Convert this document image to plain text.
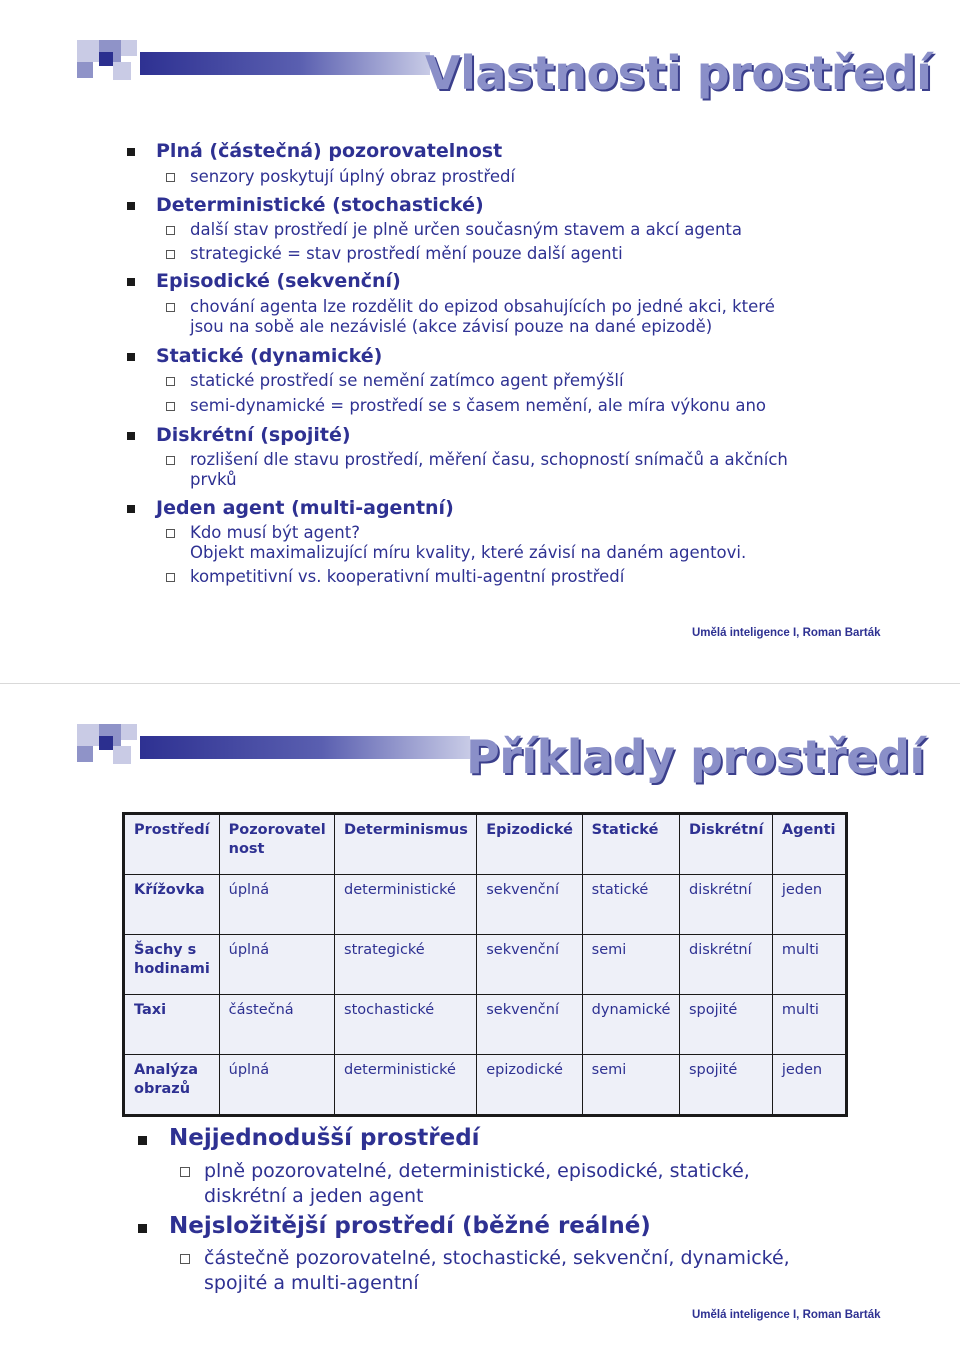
Vlastnosti prostředí
Plná (částečná) pozorovatelnost
senzory poskytují úplný obraz prostředí
Deterministické (stochastické)
další stav prostředí je plně určen současným stavem a akcí agenta
strategické = stav prostředí mění pouze další agenti
Episodické (sekvenční)
chování agenta lze rozdělit do epizod obsahujících po jedné akci, které
jsou na sobě ale nezávislé (akce závisí pouze na dané epizodě)
Statické (dynamické)
statické prostředí se nemění zatímco agent přemýšlí
semi-dynamické = prostředí se s časem nemění, ale míra výkonu ano
Diskrétní (spojité)
rozlišení dle stavu prostředí, měření času, schopností snímačů a akčních
prvků
Jeden agent (multi-agentní)
Kdo musí být agent?
Objekt maximalizující míru kvality, které závisí na daném agentovi.
kompetitivní vs. kooperativní multi-agentní prostředí
Umělá inteligence I, Roman Barták
Příklady prostředí
Prostředí	Pozorovatel
nost	Determinismus	Epizodické	Statické	Diskrétní	Agenti

Křížovka	úplná	deterministické	sekvenční	statické	diskrétní	jeden

Šachy s
hodinami	úplná	strategické	sekvenční	semi	diskrétní	multi

Taxi	částečná	stochastické	sekvenční	dynamické	spojité	multi

Analýza
obrazů	úplná	deterministické	epizodické	semi	spojité	jeden
Nejjednodušší prostředí
plně pozorovatelné, deterministické, episodické, statické,
diskrétní a jeden agent
Nejsložitější prostředí (běžné reálné)
částečně pozorovatelné, stochastické, sekvenční, dynamické,
spojité a multi-agentní
Umělá inteligence I, Roman Barták
